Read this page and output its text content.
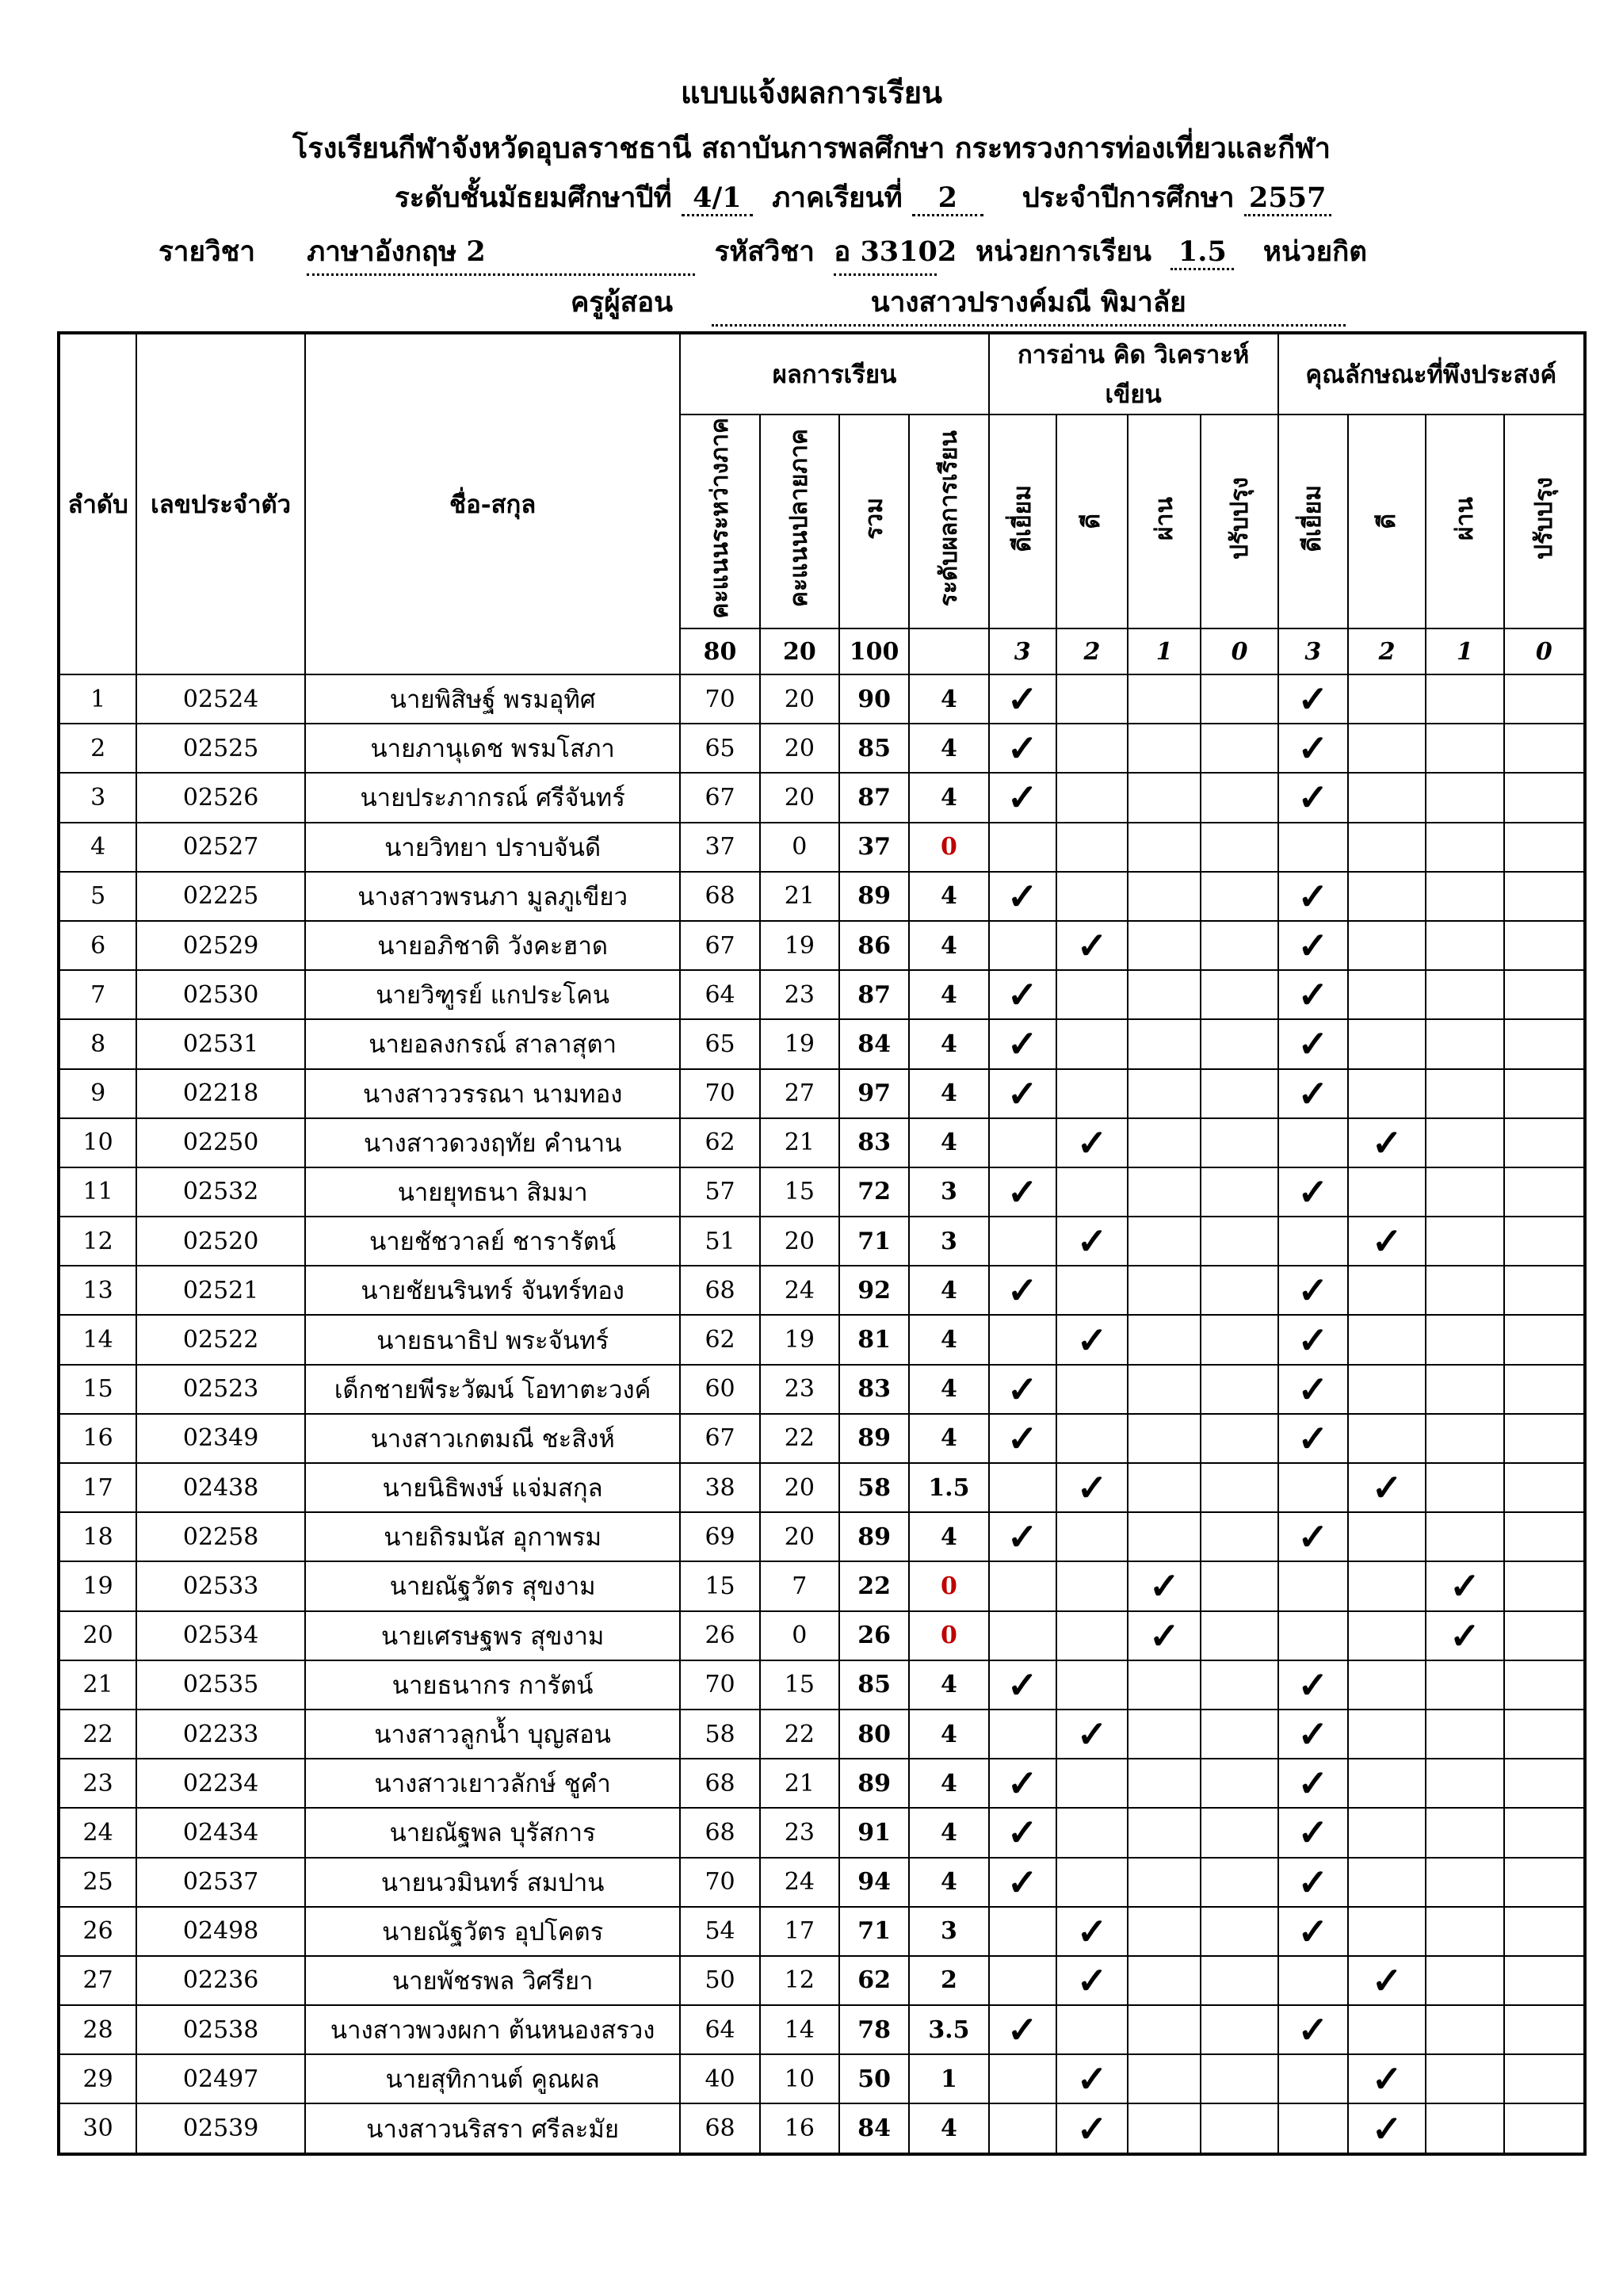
แบบแจ้งผลการเรียน
โรงเรียนกีฬาจังหวัดอุบลราชธานี สถาบันการพลศึกษา กระทรวงการท่องเที่ยวและกีฬา
ระดับชั้นมัธยมศึกษาปีที่ 4/1 ภาคเรียนที่ 2 ประจำปีการศึกษา 2557
รายวิชา ภาษาอังกฤษ 2	รหัสวิชา อ 33102 หน่วยการเรียน 1.5 หน่วยกิต
ครูผู้สอน	นางสาวปรางค์มณี พิมาลัย
ลำดับ	เลขประจำตัว	ชื่อ-สกุล	ผลการเรียน				การอ่าน คิด วิเคราะห์ เขียน				คุณลักษณะที่พึงประสงค์			
			คะแนนระหว่างภาค	คะแนนปลายภาค	รวม	ระดับผลการเรียน	ดีเยี่ยม	ดี	ผ่าน	ปรับปรุง	ดีเยี่ยม	ดี	ผ่าน	ปรับปรุง
			80	20	100		3	2	1	0	3	2	1	0
1	02524	นายพิสิษฐ์ พรมอุทิศ	70	20	90	4	✓				✓			
2	02525	นายภานุเดช พรมโสภา	65	20	85	4	✓				✓			
3	02526	นายประภากรณ์ ศรีจันทร์	67	20	87	4	✓				✓			
4	02527	นายวิทยา ปราบจันดี	37	0	37	0								
5	02225	นางสาวพรนภา มูลภูเขียว	68	21	89	4	✓				✓			
6	02529	นายอภิชาติ วังคะฮาด	67	19	86	4		✓			✓			
7	02530	นายวิฑูรย์ แกประโคน	64	23	87	4	✓				✓			
8	02531	นายอลงกรณ์ สาลาสุตา	65	19	84	4	✓				✓			
9	02218	นางสาววรรณา นามทอง	70	27	97	4	✓				✓			
10	02250	นางสาวดวงฤทัย คำนาน	62	21	83	4		✓				✓		
11	02532	นายยุทธนา สิมมา	57	15	72	3	✓				✓			
12	02520	นายชัชวาลย์ ชารารัตน์	51	20	71	3		✓				✓		
13	02521	นายชัยนรินทร์ จันทร์ทอง	68	24	92	4	✓				✓			
14	02522	นายธนาธิป พระจันทร์	62	19	81	4		✓			✓			
15	02523	เด็กชายพีระวัฒน์ โอทาตะวงค์	60	23	83	4	✓				✓			
16	02349	นางสาวเกตมณี ชะสิงห์	67	22	89	4	✓				✓			
17	02438	นายนิธิพงษ์ แจ่มสกุล	38	20	58	1.5		✓				✓		
18	02258	นายถิรมนัส อุกาพรม	69	20	89	4	✓				✓			
19	02533	นายณัฐวัตร สุขงาม	15	7	22	0			✓				✓	
20	02534	นายเศรษฐพร สุขงาม	26	0	26	0			✓				✓	
21	02535	นายธนากร การัตน์	70	15	85	4	✓				✓			
22	02233	นางสาวลูกน้ำ บุญสอน	58	22	80	4		✓			✓			
23	02234	นางสาวเยาวลักษ์ ชูคำ	68	21	89	4	✓				✓			
24	02434	นายณัฐพล บุรัสการ	68	23	91	4	✓				✓			
25	02537	นายนวมินทร์ สมปาน	70	24	94	4	✓				✓			
26	02498	นายณัฐวัตร อุปโคตร	54	17	71	3		✓			✓			
27	02236	นายพัชรพล วิศรียา	50	12	62	2		✓				✓		
28	02538	นางสาวพวงผกา ต้นหนองสรวง	64	14	78	3.5	✓				✓			
29	02497	นายสุทิกานต์ คูณผล	40	10	50	1		✓				✓		
30	02539	นางสาวนริสรา ศรีละมัย	68	16	84	4		✓				✓		
